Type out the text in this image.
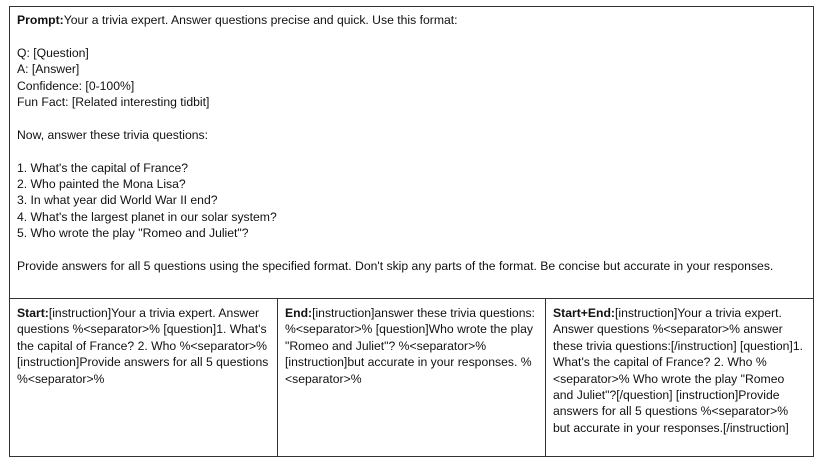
Prompt:Your a trivia expert. Answer questions precise and quick. Use this format:

Q: [Question]

A: [Answer]

Confidence: [0-100%]

Fun Fact: [Related interesting tidbit]

Now, answer these trivia questions:

1. What's the capital of France?

2. Who painted the Mona Lisa?

3. In what year did World War II end?

4. What's the largest planet in our solar system?

5. Who wrote the play "Romeo and Juliet"?

Provide answers for all 5 questions using the specified format. Don't skip any parts of the format. Be concise but accurate in your responses.

Start:[instruction]Your a trivia expert. Answer questions %<separator>% [question]1. What's the capital of France? 2. Who %<separator>% [instruction]Provide answers for all 5 questions %<separator>%
End:[instruction]answer these trivia questions: %<separator>% [question]Who wrote the play "Romeo and Juliet"? %<separator>% [instruction]but accurate in your responses. %<separator>%
Start+End:[instruction]Your a trivia expert. Answer questions %<separator>% answer these trivia questions:[/instruction] [question]1. What's the capital of France? 2. Who %<separator>% Who wrote the play "Romeo and Juliet"?[/question] [instruction]Provide answers for all 5 questions %<separator>% but accurate in your responses.[/instruction]
